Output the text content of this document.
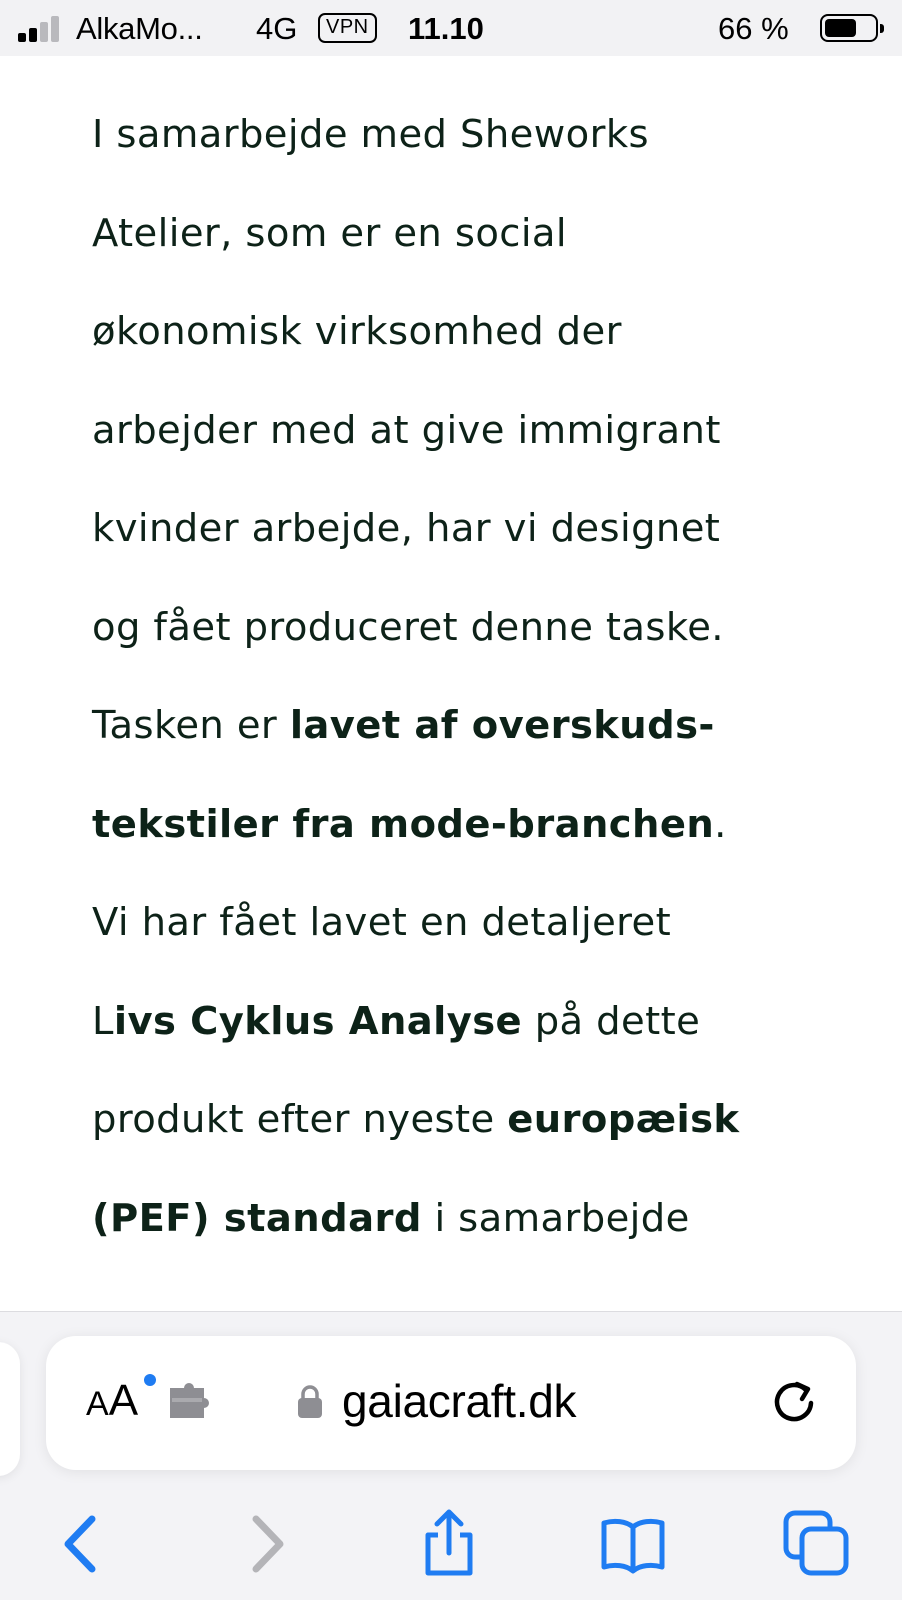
AlkaMo... 4G	VPN 11.10	66 %
I samarbejde med Sheworks
Atelier, som er en social
økonomisk virksomhed der
arbejder med at give immigrant
kvinder arbejde, har vi designet
og fået produceret denne taske.
Tasken er lavet af overskuds-
tekstiler fra mode-branchen.
Vi har fået lavet en detaljeret
Livs Cyklus Analyse på dette
produkt efter nyeste europæisk
(PEF) standard i samarbejde
AA	gaiacraft.dk
